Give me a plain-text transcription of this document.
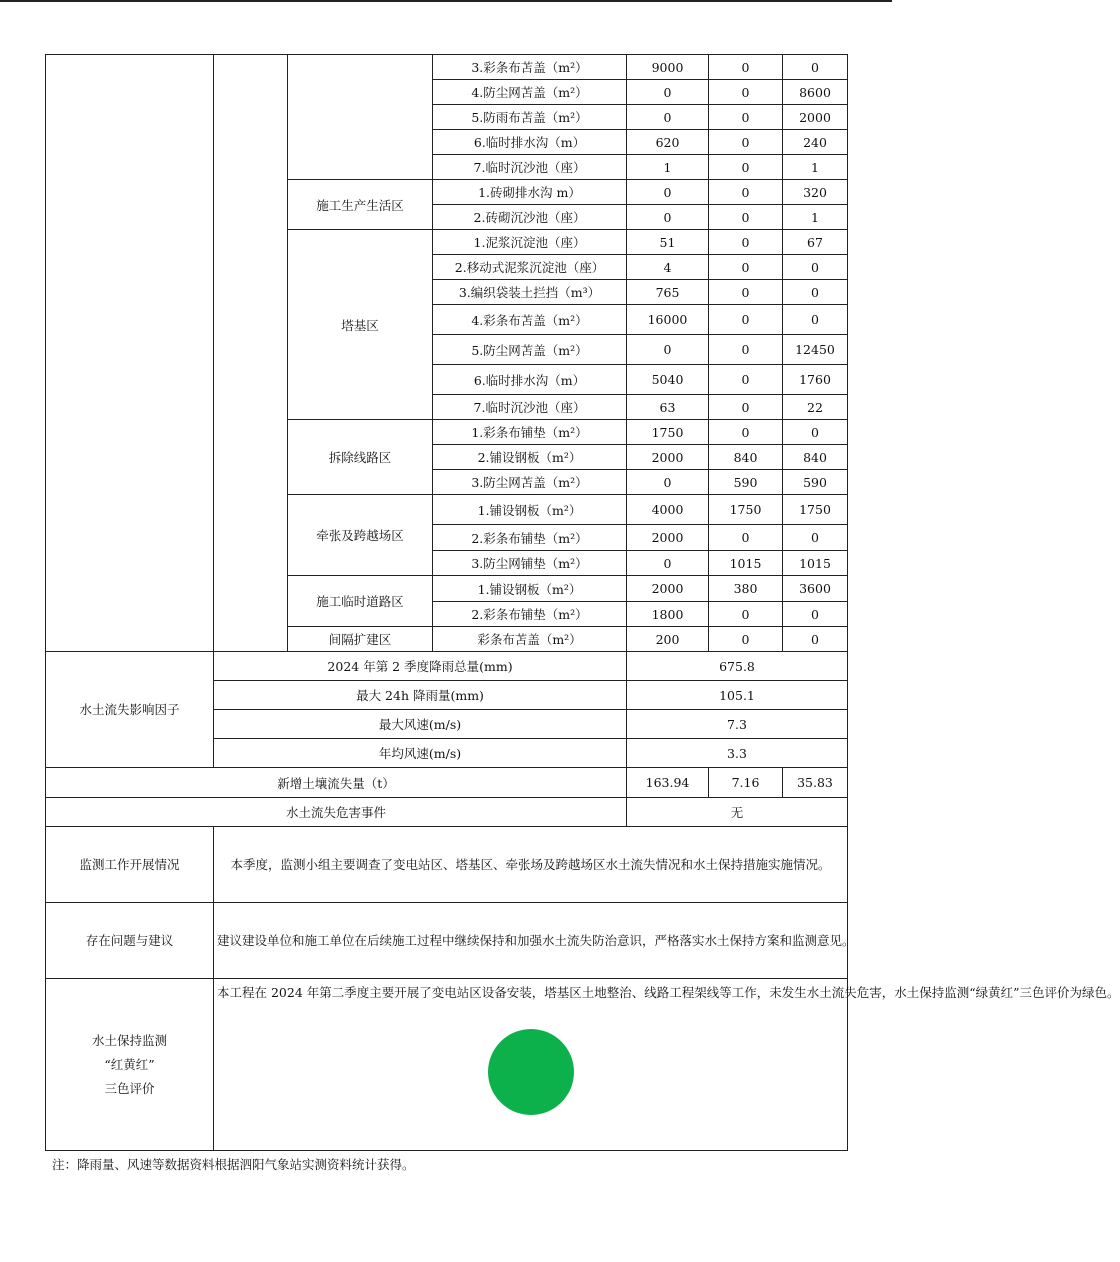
			3.彩条布苫盖（m²）	9000	0	0
			4.防尘网苫盖（m²）	0	0	8600
			5.防雨布苫盖（m²）	0	0	2000
			6.临时排水沟（m）	620	0	240
			7.临时沉沙池（座）	1	0	1
		施工生产生活区	1.砖砌排水沟 m）	0	0	320
			2.砖砌沉沙池（座）	0	0	1
		塔基区	1.泥浆沉淀池（座）	51	0	67
			2.移动式泥浆沉淀池（座）	4	0	0
			3.编织袋装土拦挡（m³）	765	0	0
			4.彩条布苫盖（m²）	16000	0	0
			5.防尘网苫盖（m²）	0	0	12450
			6.临时排水沟（m）	5040	0	1760
			7.临时沉沙池（座）	63	0	22
		拆除线路区	1.彩条布铺垫（m²）	1750	0	0
			2.铺设钢板（m²）	2000	840	840
			3.防尘网苫盖（m²）	0	590	590
		牵张及跨越场区	1.铺设钢板（m²）	4000	1750	1750
			2.彩条布铺垫（m²）	2000	0	0
			3.防尘网铺垫（m²）	0	1015	1015
		施工临时道路区	1.铺设钢板（m²）	2000	380	3600
			2.彩条布铺垫（m²）	1800	0	0
		间隔扩建区	彩条布苫盖（m²）	200	0	0
水土流失影响因子	2024 年第 2 季度降雨总量(mm)			675.8		
	最大 24h 降雨量(mm)			105.1		
	最大风速(m/s)			7.3		
	年均风速(m/s)			3.3		
新增土壤流失量（t）				163.94	7.16	35.83
水土流失危害事件				无		
监测工作开展情况	本季度，监测小组主要调查了变电站区、塔基区、牵张场及跨越场区水土流失情况和水土保持措施实施情况。					
存在问题与建议	建议建设单位和施工单位在后续施工过程中继续保持和加强水土流失防治意识，严格落实水土保持方案和监测意见。					

水土保持监测
“红黄红”
三色评价	本工程在 2024 年第二季度主要开展了变电站区设备安装，塔基区土地整治、线路工程架线等工作，未发生水土流失危害，水土保持监测“绿黄红”三色评价为绿色。					
注：降雨量、风速等数据资料根据泗阳气象站实测资料统计获得。
